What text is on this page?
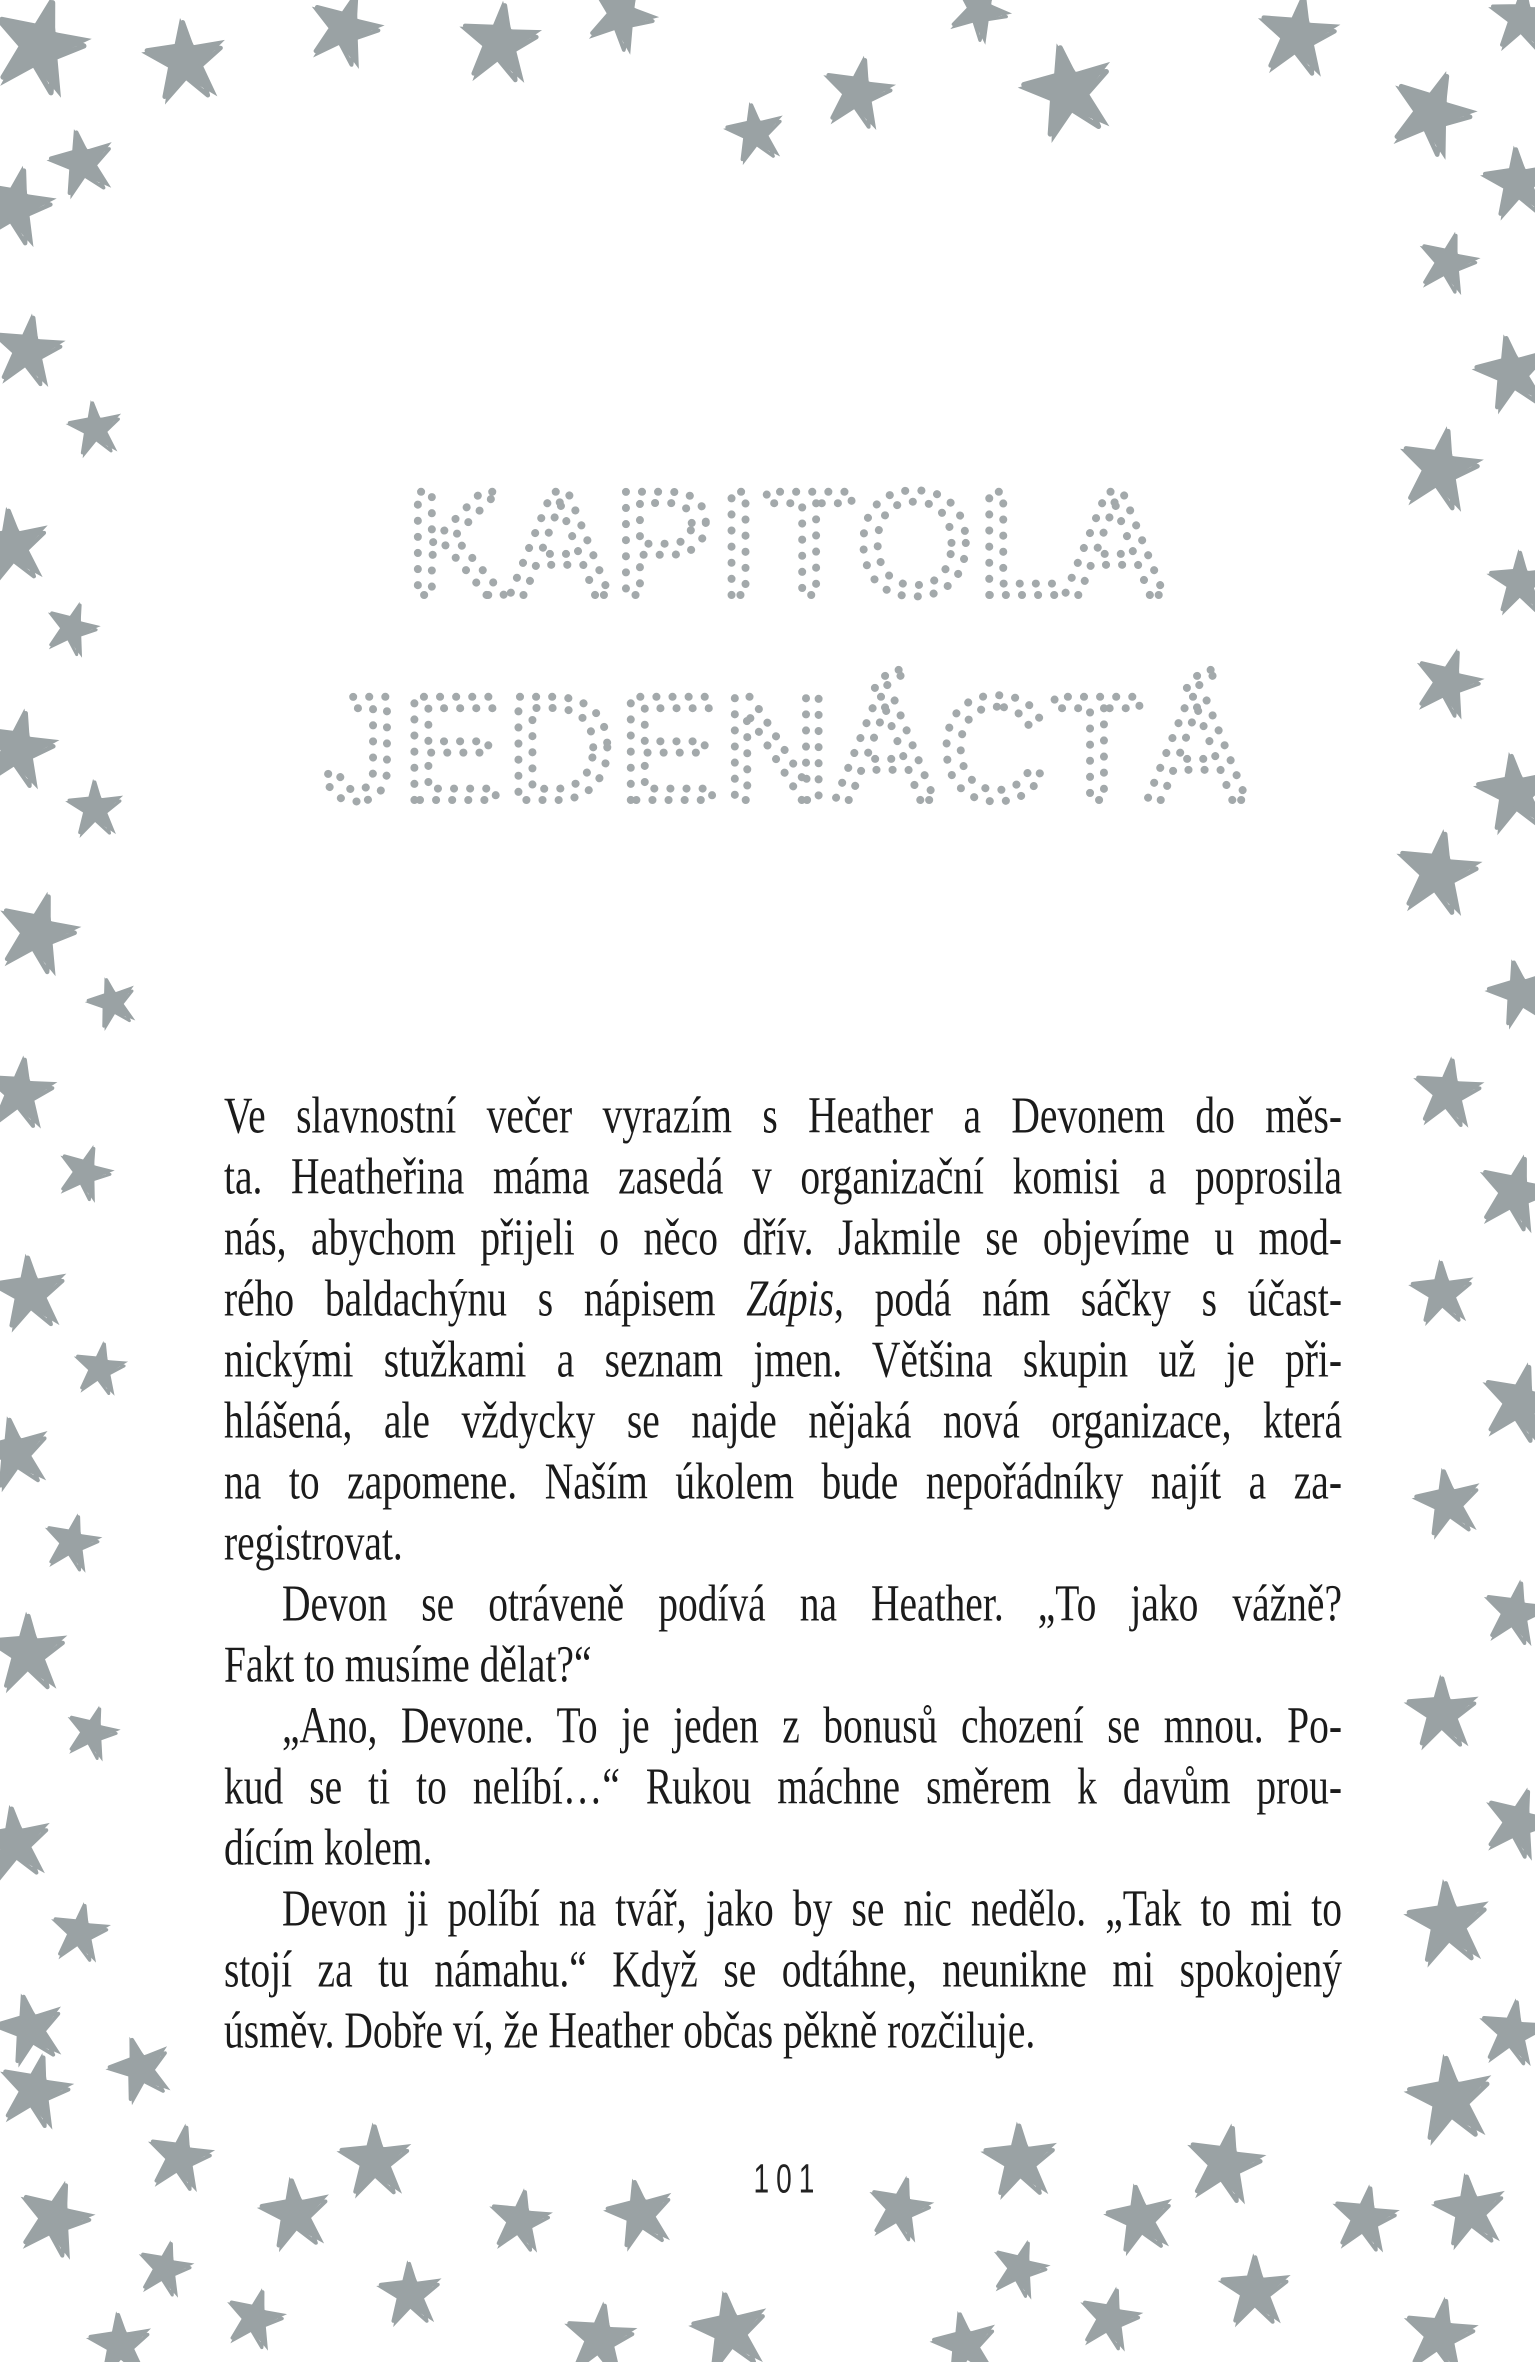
KAPITOLA
JEDENÁCTÁ
Ve slavnostní večer vyrazím s Heather a Devonem do měs-
ta. Heatheřina máma zasedá v organizační komisi a poprosila
nás, abychom přijeli o něco dřív. Jakmile se objevíme u mod-
rého baldachýnu s nápisem Zápis, podá nám sáčky s účast-
nickými stužkami a seznam jmen. Většina skupin už je při-
hlášená, ale vždycky se najde nějaká nová organizace, která
na to zapomene. Naším úkolem bude nepořádníky najít a za-
registrovat.
Devon se otráveně podívá na Heather. „To jako vážně?
Fakt to musíme dělat?“
„Ano, Devone. To je jeden z bonusů chození se mnou. Po-
kud se ti to nelíbí…“ Rukou máchne směrem k davům prou-
dícím kolem.
Devon ji políbí na tvář, jako by se nic nedělo. „Tak to mi to
stojí za tu námahu.“ Když se odtáhne, neunikne mi spokojený
úsměv. Dobře ví, že Heather občas pěkně rozčiluje.
101
